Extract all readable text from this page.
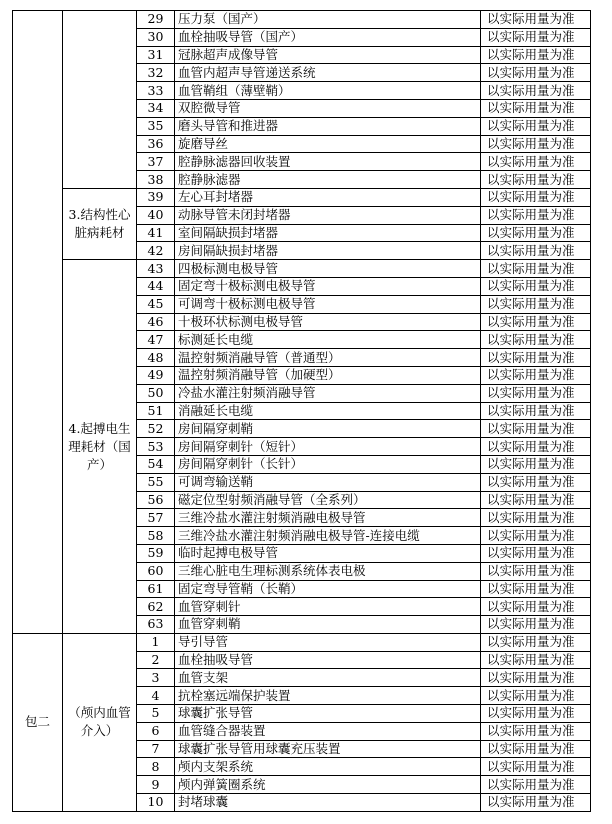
		29	压力泵（国产）	以实际用量为准
		30	血栓抽吸导管（国产）	以实际用量为准
		31	冠脉超声成像导管	以实际用量为准
		32	血管内超声导管递送系统	以实际用量为准
		33	血管鞘组（薄壁鞘）	以实际用量为准
		34	双腔微导管	以实际用量为准
		35	磨头导管和推进器	以实际用量为准
		36	旋磨导丝	以实际用量为准
		37	腔静脉滤器回收装置	以实际用量为准
		38	腔静脉滤器	以实际用量为准
	3.结构性心脏病耗材	39	左心耳封堵器	以实际用量为准
		40	动脉导管未闭封堵器	以实际用量为准
		41	室间隔缺损封堵器	以实际用量为准
		42	房间隔缺损封堵器	以实际用量为准
	4.起搏电生理耗材（国产）	43	四极标测电极导管	以实际用量为准
		44	固定弯十极标测电极导管	以实际用量为准
		45	可调弯十极标测电极导管	以实际用量为准
		46	十极环状标测电极导管	以实际用量为准
		47	标测延长电缆	以实际用量为准
		48	温控射频消融导管（普通型）	以实际用量为准
		49	温控射频消融导管（加硬型）	以实际用量为准
		50	冷盐水灌注射频消融导管	以实际用量为准
		51	消融延长电缆	以实际用量为准
		52	房间隔穿刺鞘	以实际用量为准
		53	房间隔穿刺针（短针）	以实际用量为准
		54	房间隔穿刺针（长针）	以实际用量为准
		55	可调弯输送鞘	以实际用量为准
		56	磁定位型射频消融导管（全系列）	以实际用量为准
		57	三维冷盐水灌注射频消融电极导管	以实际用量为准
		58	三维冷盐水灌注射频消融电极导管-连接电缆	以实际用量为准
		59	临时起搏电极导管	以实际用量为准
		60	三维心脏电生理标测系统体表电极	以实际用量为准
		61	固定弯导管鞘（长鞘）	以实际用量为准
		62	血管穿刺针	以实际用量为准
		63	血管穿刺鞘	以实际用量为准
包二	（颅内血管介入）	1	导引导管	以实际用量为准
		2	血栓抽吸导管	以实际用量为准
		3	血管支架	以实际用量为准
		4	抗栓塞远端保护装置	以实际用量为准
		5	球囊扩张导管	以实际用量为准
		6	血管缝合器装置	以实际用量为准
		7	球囊扩张导管用球囊充压装置	以实际用量为准
		8	颅内支架系统	以实际用量为准
		9	颅内弹簧圈系统	以实际用量为准
		10	封堵球囊	以实际用量为准
